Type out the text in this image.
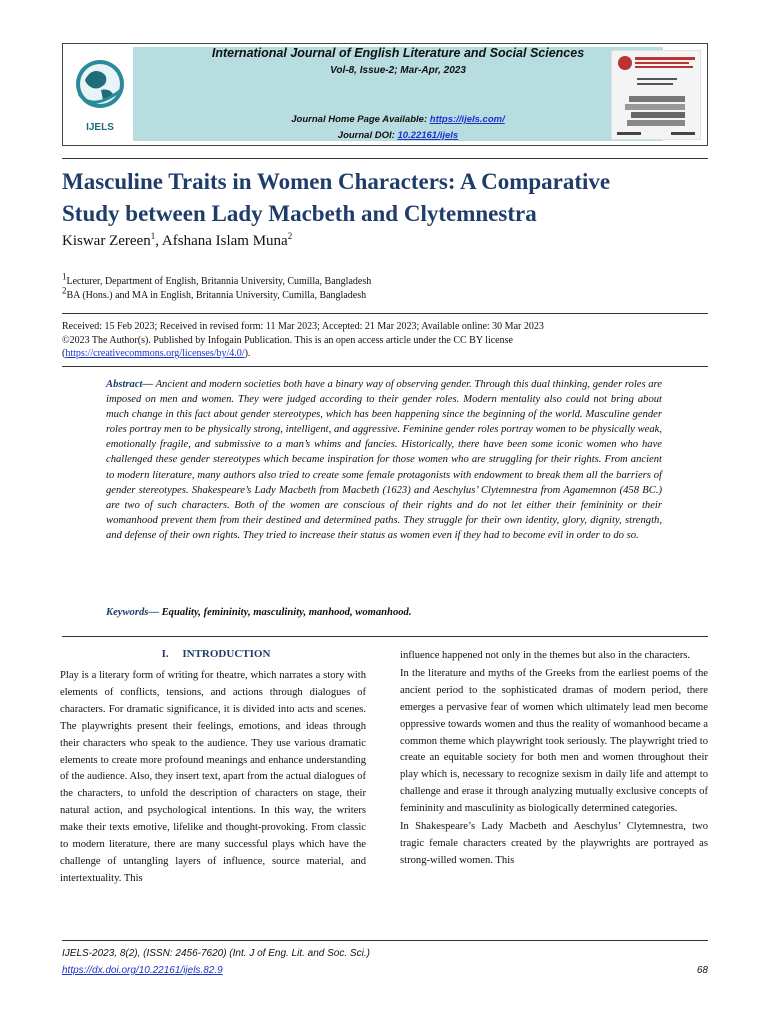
IJELS
International Journal of English Literature and Social Sciences
Vol-8, Issue-2; Mar-Apr, 2023
Journal Home Page Available: https://ijels.com/
Journal DOI: 10.22161/ijels
Masculine Traits in Women Characters: A Comparative
Study between Lady Macbeth and Clytemnestra
Kiswar Zereen$^1$, Afshana Islam Muna$^2$
$^1$Lecturer, Department of English, Britannia University, Cumilla, Bangladesh
$^2$BA (Hons.) and MA in English, Britannia University, Cumilla, Bangladesh
Received: 15 Feb 2023; Received in revised form: 11 Mar 2023; Accepted: 21 Mar 2023; Available online: 30 Mar 2023
©2023 The Author(s). Published by Infogain Publication. This is an open access article under the CC BY license
(https://creativecommons.org/licenses/by/4.0/).
Abstract— Ancient and modern societies both have a binary way of observing gender. Through this dual thinking, gender roles are imposed on men and women. They were judged according to their gender roles. Modern mentality also could not bring about much change in this fact about gender stereotypes, which has been happening since the beginning of the world. Masculine gender roles portray men to be physically strong, intelligent, and aggressive. Feminine gender roles portray women to be physically weak, emotionally fragile, and submissive to a man’s whims and fancies. Historically, there have been some iconic women who have challenged these gender stereotypes which became inspiration for those women who are struggling for their rights. From ancient to modern literature, many authors also tried to create some female protagonists with endowment to break them all the barriers of gender stereotypes. Shakespeare’s Lady Macbeth from Macbeth (1623) and Aeschylus’ Clytemnestra from Agamemnon (458 BC.) are two of such characters. Both of the women are conscious of their rights and do not let either their femininity or their womanhood prevent them from their destined and determined paths. They struggle for their own identity, glory, dignity, strength, and defense of their own rights. They tried to increase their status as women even if they had to become evil in order to do so.
Keywords— Equality, femininity, masculinity, manhood, womanhood.
I.     INTRODUCTION

Play is a literary form of writing for theatre, which narrates a story with elements of conflicts, tensions, and actions through dialogues of characters. For dramatic significance, it is divided into acts and scenes. The playwrights present their feelings, emotions, and ideas through their characters who speak to the audience. They use various dramatic elements to create more profound meanings and enhance understanding of the audience. Also, they insert text, apart from the actual dialogues of the characters, to unfold the description of characters on stage, their natural action, and psychological intentions. In this way, the writers make their texts emotive, lifelike and thought-provoking. From classic to modern literature, there are many successful plays which have the challenge of untangling layers of influence, source material, and intertextuality. This

influence happened not only in the themes but also in the characters.

In the literature and myths of the Greeks from the earliest poems of the ancient period to the sophisticated dramas of modern period, there emerges a pervasive fear of women which ultimately lead men become oppressive towards women and thus the reality of womanhood became a common theme which playwright took seriously. The playwright tried to create an equitable society for both men and women throughout their play which is, necessary to recognize sexism in daily life and attempt to challenge and erase it through analyzing mutually exclusive concepts of femininity and masculinity as biologically determined categories.

In Shakespeare’s Lady Macbeth and Aeschylus’ Clytemnestra, two tragic female characters created by the playwrights are portrayed as strong-willed women. This

IJELS-2023, 8(2), (ISSN: 2456-7620) (Int. J of Eng. Lit. and Soc. Sci.)
https://dx.doi.org/10.22161/ijels.82.9	68
